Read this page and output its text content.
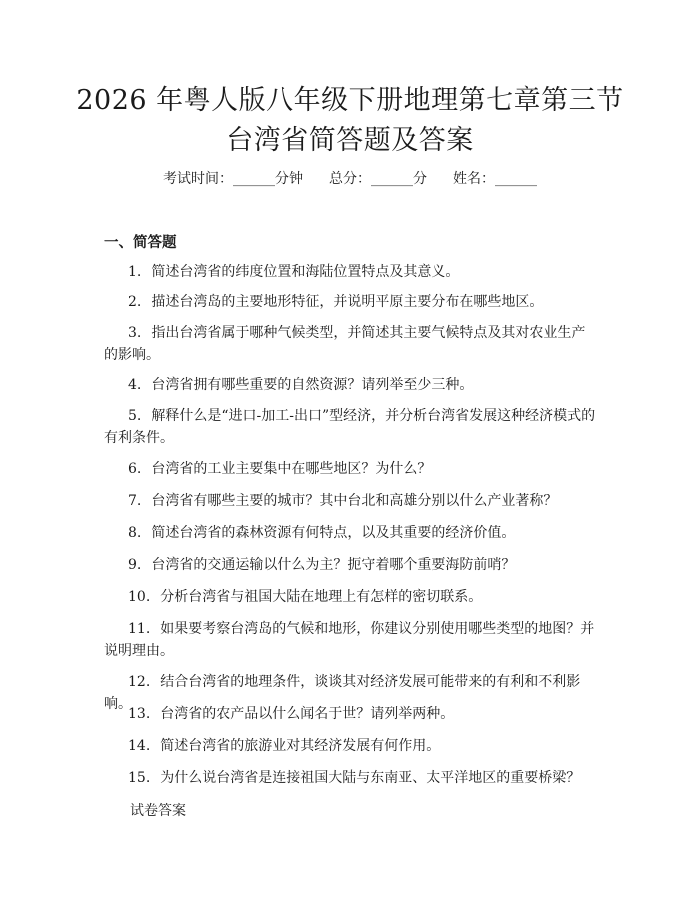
2026 年粤人版八年级下册地理第七章第三节
台湾省简答题及答案
考试时间：______分钟 总分：______分 姓名：______
一、简答题
1. 简述台湾省的纬度位置和海陆位置特点及其意义。
2. 描述台湾岛的主要地形特征，并说明平原主要分布在哪些地区。
3. 指出台湾省属于哪种气候类型，并简述其主要气候特点及其对农业生产的影响。
4. 台湾省拥有哪些重要的自然资源？请列举至少三种。
5. 解释什么是“进口-加工-出口”型经济，并分析台湾省发展这种经济模式的有利条件。
6. 台湾省的工业主要集中在哪些地区？为什么？
7. 台湾省有哪些主要的城市？其中台北和高雄分别以什么产业著称？
8. 简述台湾省的森林资源有何特点，以及其重要的经济价值。
9. 台湾省的交通运输以什么为主？扼守着哪个重要海防前哨？
10. 分析台湾省与祖国大陆在地理上有怎样的密切联系。
11. 如果要考察台湾岛的气候和地形，你建议分别使用哪些类型的地图？并说明理由。
12. 结合台湾省的地理条件，谈谈其对经济发展可能带来的有利和不利影响。
13. 台湾省的农产品以什么闻名于世？请列举两种。
14. 简述台湾省的旅游业对其经济发展有何作用。
15. 为什么说台湾省是连接祖国大陆与东南亚、太平洋地区的重要桥梁？
试卷答案
